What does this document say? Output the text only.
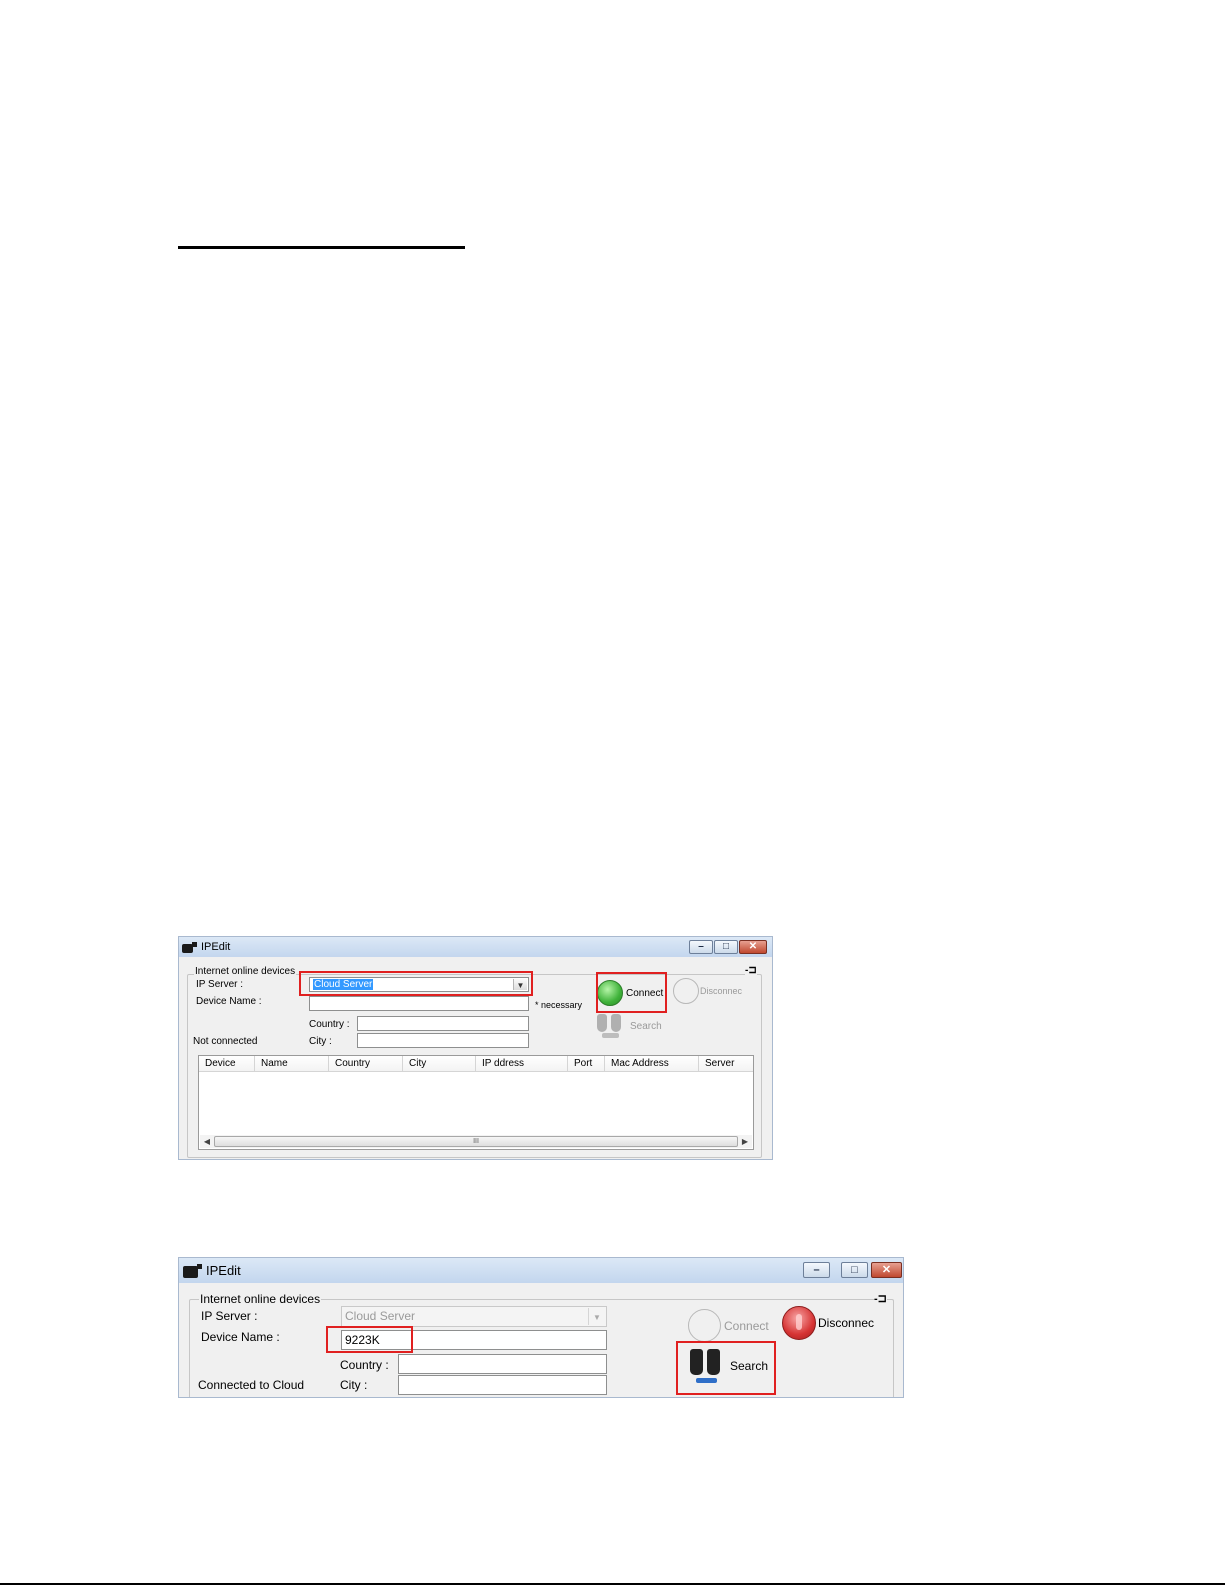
IPEdit	–	□	✕
Internet online devices	-⊐
IP Server :	Cloud Server	▼
Device Name :	* necessary
Country :
Not connected	City :
Connect	Disconnec
Search
Device	Name	Country	City	IP ddress	Port	Mac Address	Server
◀	III	▶
IPEdit	–	□	✕
Internet online devices	-⊐
IP Server :	Cloud Server	▼
Device Name :	9223K
Country :
Connected to Cloud	City :
Connect	Disconnec
Search
